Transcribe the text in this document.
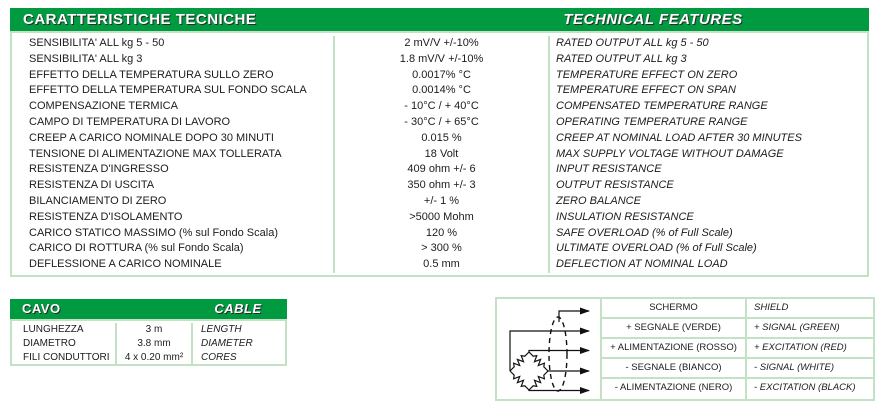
CARATTERISTICHE TECNICHE	TECHNICAL FEATURES
SENSIBILITA' ALL kg 5 - 50	2 mV/V +/-10%	RATED OUTPUT ALL kg 5 - 50
SENSIBILITA' ALL kg 3	1.8 mV/V +/-10%	RATED OUTPUT ALL kg 3
EFFETTO DELLA TEMPERATURA SULLO ZERO	0.0017% °C	TEMPERATURE EFFECT ON ZERO
EFFETTO DELLA TEMPERATURA SUL FONDO SCALA	0.0014% °C	TEMPERATURE EFFECT ON SPAN
COMPENSAZIONE TERMICA	- 10°C / + 40°C	COMPENSATED TEMPERATURE RANGE
CAMPO DI TEMPERATURA DI LAVORO	- 30°C / + 65°C	OPERATING TEMPERATURE RANGE
CREEP A CARICO NOMINALE DOPO 30 MINUTI	0.015 %	CREEP AT NOMINAL LOAD AFTER 30 MINUTES
TENSIONE DI ALIMENTAZIONE MAX TOLLERATA	18 Volt	MAX SUPPLY VOLTAGE WITHOUT DAMAGE
RESISTENZA D'INGRESSO	409 ohm +/- 6	INPUT RESISTANCE
RESISTENZA DI USCITA	350 ohm +/- 3	OUTPUT RESISTANCE
BILANCIAMENTO DI ZERO	+/- 1 %	ZERO BALANCE
RESISTENZA D'ISOLAMENTO	>5000 Mohm	INSULATION RESISTANCE
CARICO STATICO MASSIMO (% sul Fondo Scala)	120 %	SAFE OVERLOAD (% of Full Scale)
CARICO DI ROTTURA (% sul Fondo Scala)	> 300 %	ULTIMATE OVERLOAD (% of Full Scale)
DEFLESSIONE A CARICO NOMINALE	0.5 mm	DEFLECTION AT NOMINAL LOAD
CAVO	CABLE
LUNGHEZZA	3 m	LENGTH
DIAMETRO	3.8 mm	DIAMETER
FILI CONDUTTORI	4 x 0.20 mm²	CORES
SCHERMO	SHIELD
+ SEGNALE (VERDE)	+ SIGNAL (GREEN)
+ ALIMENTAZIONE (ROSSO)	+ EXCITATION (RED)
- SEGNALE (BIANCO)	- SIGNAL (WHITE)
- ALIMENTAZIONE (NERO)	- EXCITATION (BLACK)
